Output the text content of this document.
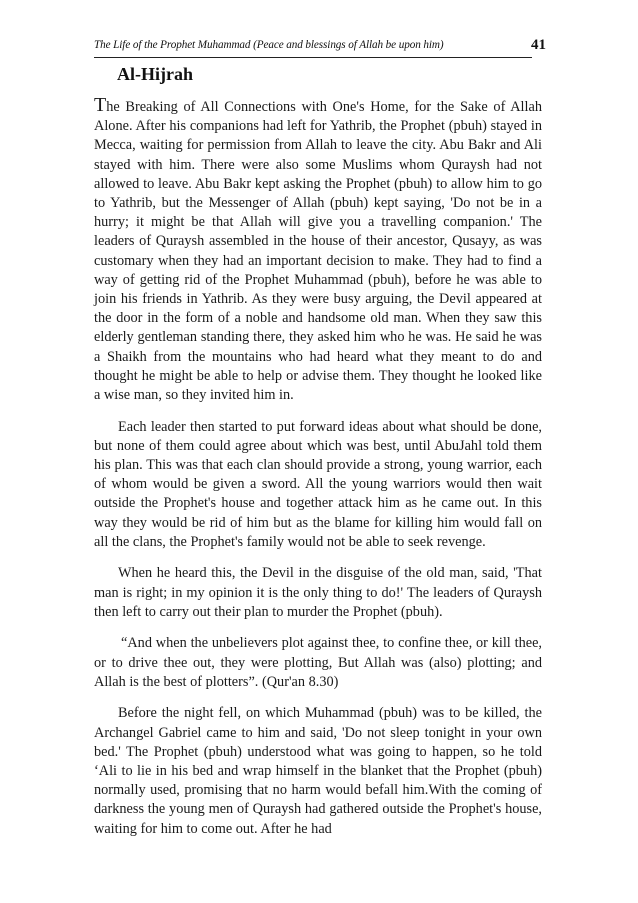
The Life of the Prophet Muhammad (Peace and blessings of Allah be upon him)	41
Al-Hijrah

The Breaking of All Connections with One's Home, for the Sake of Allah Alone. After his companions had left for Yathrib, the Prophet (pbuh) stayed in Mecca, waiting for permission from Allah to leave the city. Abu Bakr and Ali stayed with him. There were also some Muslims whom Quraysh had not allowed to leave. Abu Bakr kept asking the Prophet (pbuh) to allow him to go to Yathrib, but the Messenger of Allah (pbuh) kept saying, 'Do not be in a hurry; it might be that Allah will give you a travelling companion.' The leaders of Quraysh assembled in the house of their ancestor, Qusayy, as was customary when they had an important decision to make. They had to find a way of getting rid of the Prophet Muhammad (pbuh), before he was able to join his friends in Yathrib. As they were busy arguing, the Devil appeared at the door in the form of a noble and handsome old man. When they saw this elderly gentleman standing there, they asked him who he was. He said he was a Shaikh from the mountains who had heard what they meant to do and thought he might be able to help or advise them. They thought he looked like a wise man, so they invited him in.

Each leader then started to put forward ideas about what should be done, but none of them could agree about which was best, until AbuJahl told them his plan. This was that each clan should provide a strong, young warrior, each of whom would be given a sword. All the young warriors would then wait outside the Prophet's house and together attack him as he came out. In this way they would be rid of him but as the blame for killing him would fall on all the clans, the Prophet's family would not be able to seek revenge.

When he heard this, the Devil in the disguise of the old man, said, 'That man is right; in my opinion it is the only thing to do!' The leaders of Quraysh then left to carry out their plan to murder the Prophet (pbuh).

“And when the unbelievers plot against thee, to confine thee, or kill thee, or to drive thee out, they were plotting, But Allah was (also) plotting; and Allah is the best of plotters”. (Qur'an 8.30)

Before the night fell, on which Muhammad (pbuh) was to be killed, the Archangel Gabriel came to him and said, 'Do not sleep tonight in your own bed.' The Prophet (pbuh) understood what was going to happen, so he told ‘Ali to lie in his bed and wrap himself in the blanket that the Prophet (pbuh) normally used, promising that no harm would befall him.With the coming of darkness the young men of Quraysh had gathered outside the Prophet's house, waiting for him to come out. After he had
